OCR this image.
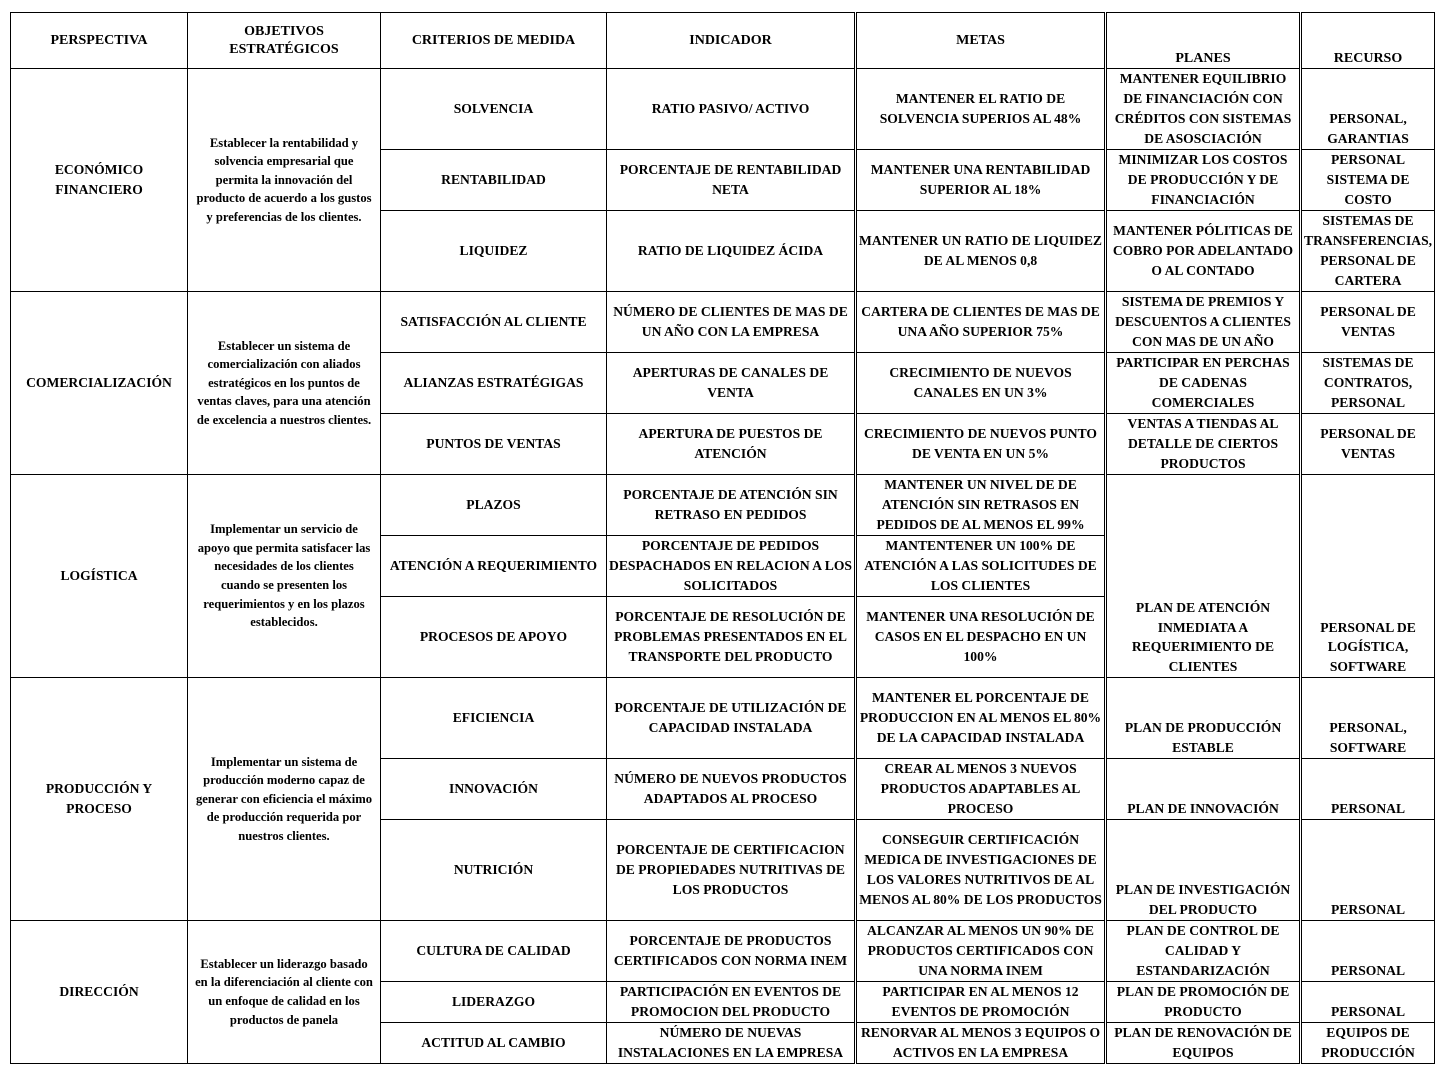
PERSPECTIVA	OBJETIVOS ESTRATÉGICOS	CRITERIOS DE MEDIDA	INDICADOR	METAS	PLANES	RECURSO
ECONÓMICO FINANCIERO	Establecer la rentabilidad y solvencia empresarial que permita la innovación del producto de acuerdo a los gustos y preferencias de los clientes.	SOLVENCIA	RATIO PASIVO/ ACTIVO	MANTENER EL RATIO DE SOLVENCIA SUPERIOS AL 48%	MANTENER EQUILIBRIO DE FINANCIACIÓN CON CRÉDITOS CON SISTEMAS DE ASOSCIACIÓN	PERSONAL, GARANTIAS
		RENTABILIDAD	PORCENTAJE DE RENTABILIDAD NETA	MANTENER UNA RENTABILIDAD SUPERIOR AL 18%	MINIMIZAR LOS COSTOS DE PRODUCCIÓN Y DE FINANCIACIÓN	PERSONAL SISTEMA DE COSTO
		LIQUIDEZ	RATIO DE LIQUIDEZ ÁCIDA	MANTENER UN RATIO DE LIQUIDEZ DE AL MENOS 0,8	MANTENER PÓLITICAS DE COBRO POR ADELANTADO O AL CONTADO	SISTEMAS DE TRANSFERENCIAS, PERSONAL DE CARTERA
COMERCIALIZACIÓN	Establecer un sistema de comercialización con aliados estratégicos en los puntos de ventas claves, para una atención de excelencia a nuestros clientes.	SATISFACCIÓN AL CLIENTE	NÚMERO DE CLIENTES DE MAS DE UN AÑO CON LA EMPRESA	CARTERA DE CLIENTES DE MAS DE UNA AÑO SUPERIOR 75%	SISTEMA DE PREMIOS Y DESCUENTOS A CLIENTES CON MAS DE UN AÑO	PERSONAL DE VENTAS
		ALIANZAS ESTRATÉGIGAS	APERTURAS DE CANALES DE VENTA	CRECIMIENTO DE NUEVOS CANALES EN UN 3%	PARTICIPAR EN PERCHAS DE CADENAS COMERCIALES	SISTEMAS DE CONTRATOS, PERSONAL
		PUNTOS DE VENTAS	APERTURA DE PUESTOS DE ATENCIÓN	CRECIMIENTO DE NUEVOS PUNTO DE VENTA EN UN 5%	VENTAS A TIENDAS AL DETALLE DE CIERTOS PRODUCTOS	PERSONAL DE VENTAS
LOGÍSTICA	Implementar un servicio de apoyo que permita satisfacer las necesidades de los clientes cuando se presenten los requerimientos y en los plazos establecidos.	PLAZOS	PORCENTAJE DE ATENCIÓN SIN RETRASO EN PEDIDOS	MANTENER UN NIVEL DE DE ATENCIÓN SIN RETRASOS EN PEDIDOS DE AL MENOS EL 99%	PLAN DE ATENCIÓN INMEDIATA A REQUERIMIENTO DE CLIENTES	PERSONAL DE LOGÍSTICA, SOFTWARE
		ATENCIÓN A REQUERIMIENTO	PORCENTAJE DE PEDIDOS DESPACHADOS EN RELACION A LOS SOLICITADOS	MANTENTENER UN 100% DE ATENCIÓN A LAS SOLICITUDES DE LOS CLIENTES		
		PROCESOS DE APOYO	PORCENTAJE DE RESOLUCIÓN DE PROBLEMAS PRESENTADOS EN EL TRANSPORTE DEL PRODUCTO	MANTENER UNA RESOLUCIÓN DE CASOS EN EL DESPACHO EN UN 100%		
PRODUCCIÓN Y PROCESO	Implementar un sistema de producción moderno capaz de generar con eficiencia el máximo de producción requerida por nuestros clientes.	EFICIENCIA	PORCENTAJE DE UTILIZACIÓN DE CAPACIDAD INSTALADA	MANTENER EL PORCENTAJE DE PRODUCCION EN AL MENOS EL 80% DE LA CAPACIDAD INSTALADA	PLAN DE PRODUCCIÓN ESTABLE	PERSONAL, SOFTWARE
		INNOVACIÓN	NÚMERO DE NUEVOS PRODUCTOS ADAPTADOS AL PROCESO	CREAR AL MENOS 3 NUEVOS PRODUCTOS ADAPTABLES AL PROCESO	PLAN DE INNOVACIÓN	PERSONAL
		NUTRICIÓN	PORCENTAJE DE CERTIFICACION DE PROPIEDADES NUTRITIVAS DE LOS PRODUCTOS	CONSEGUIR CERTIFICACIÓN MEDICA DE INVESTIGACIONES DE LOS VALORES NUTRITIVOS DE AL MENOS AL 80% DE LOS PRODUCTOS	PLAN DE INVESTIGACIÓN DEL PRODUCTO	PERSONAL
DIRECCIÓN	Establecer un liderazgo basado en la diferenciación al cliente con un enfoque de calidad en los productos de panela	CULTURA DE CALIDAD	PORCENTAJE DE PRODUCTOS CERTIFICADOS CON NORMA INEM	ALCANZAR AL MENOS UN 90% DE PRODUCTOS CERTIFICADOS CON UNA NORMA INEM	PLAN DE CONTROL DE CALIDAD Y ESTANDARIZACIÓN	PERSONAL
		LIDERAZGO	PARTICIPACIÓN EN EVENTOS DE PROMOCION DEL PRODUCTO	PARTICIPAR EN AL MENOS 12 EVENTOS DE PROMOCIÓN	PLAN DE PROMOCIÓN DE PRODUCTO	PERSONAL
		ACTITUD AL CAMBIO	NÚMERO DE NUEVAS INSTALACIONES EN LA EMPRESA	RENORVAR AL MENOS 3 EQUIPOS O ACTIVOS EN LA EMPRESA	PLAN DE RENOVACIÓN DE EQUIPOS	EQUIPOS DE PRODUCCIÓN
